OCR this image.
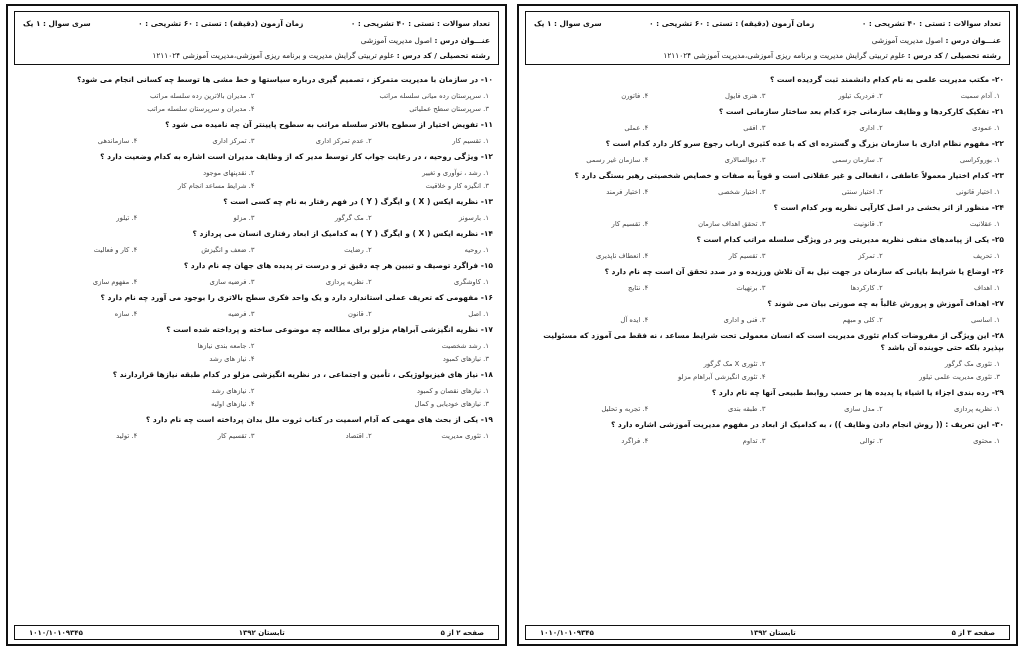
تعداد سوالات : تستی : ۴۰ تشریحی : ۰
زمان آزمون (دقیقه) : تستی : ۶۰ تشریحی : ۰
سری سوال : ۱ یک
عنـــوان درس : اصول مدیریت آموزشی
رشته تحصیلی / کد درس : علوم تربیتی گرایش مدیریت و برنامه ریزی آموزشی،مدیریت آموزشی ۱۲۱۱۰۲۴
۱۰- در سازمان با مدیریت متمرکز ، تصمیم گیری درباره سیاستها و خط مشی ها توسط چه کسانی انجام می شود؟
۱. سرپرستان رده میانی سلسله مراتب
۲. مدیران بالاترین رده سلسله مراتب
۳. سرپرستان سطح عملیاتی
۴. مدیران و سرپرستان سلسله مراتب
۱۱- تفویض اختیار از سطوح بالاتر سلسله مراتب به سطوح پایینتر آن چه نامیده می شود ؟
۱. تقسیم کار
۲. عدم تمرکز اداری
۳. تمرکز اداری
۴. سازماندهی
۱۲- ویژگی روحیه ، در رعایت جواب کار توسط مدیر که از وظایف مدیران است اشاره به کدام وضعیت دارد ؟
۱. رشد ، نوآوری و تغییر
۲. نقدپنهای موجود
۳. انگیزه کار و خلاقیت
۴. شرایط مساعد انجام کار
۱۳- نظریه ایکس ( X ) و ایگرگ ( Y ) در فهم رفتار به نام چه کسی است ؟
۱. بارسونز
۲. مک گرگور
۳. مزلو
۴. تیلور
۱۴- نظریه ایکس ( X ) و ایگرگ ( Y ) به کدامیک از ابعاد رفتاری انسان می پردازد ؟
۱. روحیه
۲. رضایت
۳. ضعف و انگیزش
۴. کار و فعالیت
۱۵- فراگرد توصیف و تبیین هر چه دقیق تر و درست تر پدیده های جهان چه نام دارد ؟
۱. کاوشگری
۲. نظریه پردازی
۳. فرضیه سازی
۴. مفهوم سازی
۱۶- مفهومی که تعریف عملی استاندارد دارد و یک واحد فکری سطح بالاتری را بوجود می آورد چه نام دارد ؟
۱. اصل
۲. قانون
۳. فرضیه
۴. سازه
۱۷- نظریه انگیزشی آبراهام مزلو برای مطالعه چه موضوعی ساخته و پرداخته شده است ؟
۱. رشد شخصیت
۲. جامعه بندی نیازها
۳. نیازهای کمبود
۴. نیاز های رشد
۱۸- نیاز های فیزیولوژیکی ، تأمین و اجتماعی ، در نظریه انگیزشی مزلو در کدام طبقه نیازها قراردارند ؟
۱. نیازهای نقصان و کمبود
۲. نیازهای رشد
۳. نیازهای خودیابی و کمال
۴. نیازهای اولیه
۱۹- یکی از بحث های مهمی که آدام اسمیت در کتاب ثروت ملل بدان پرداخته است چه نام دارد ؟
۱. تئوری مدیریت
۲. اقتصاد
۳. تقسیم کار
۴. تولید
صفحه ۲ از ۵
تابستان ۱۳۹۲
۱۰۱۰/۱۰۱۰۹۳۴۵
تعداد سوالات : تستی : ۴۰ تشریحی : ۰
زمان آزمون (دقیقه) : تستی : ۶۰ تشریحی : ۰
سری سوال : ۱ یک
عنـــوان درس : اصول مدیریت آموزشی
رشته تحصیلی / کد درس : علوم تربیتی گرایش مدیریت و برنامه ریزی آموزشی،مدیریت آموزشی ۱۲۱۱۰۲۴
۲۰- مکتب مدیریت علمی به نام کدام دانشمند ثبت گردیده است ؟
۱. آدام سمیت
۲. فردریک تیلور
۳. هنری فایول
۴. فاتورن
۲۱- تفکیک کارکردها و وظایف سازمانی جزء کدام بعد ساختار سازمانی است ؟
۱. عمودی
۲. اداری
۳. افقی
۴. عملی
۲۲- مفهوم نظام اداری با سازمان بزرگ و گسترده ای که با عده کثیری ارباب رجوع سرو کار دارد کدام است ؟
۱. بوروکراسی
۲. سازمان رسمی
۳. دیوالسالاری
۴. سازمان غیر رسمی
۲۳- کدام اختیار معمولاً عاطفی ، انفعالی و غیر عقلانی است و قویاً به صفات و خصایص شخصیتی رهبر بستگی دارد ؟
۱. اختیار قانونی
۲. اختیار سنتی
۳. اختیار شخصی
۴. اختیار فرمند
۲۴- منظور از اثر بخشی در اصل کارآیی نظریه وبر کدام است ؟
۱. عقلانیت
۲. قانونیت
۳. تحقق اهداف سازمان
۴. تقسیم کار
۲۵- یکی از پیامدهای منفی نظریه مدیریتی وبر در ویژگی سلسله مراتب کدام است ؟
۱. تحریف
۲. تمرکز
۳. تقسیم کار
۴. انعطاف ناپذیری
۲۶- اوضاع یا شرایط بایانی که سازمان در جهت نیل به آن تلاش ورزیده و در صدد تحقق آن است چه نام دارد ؟
۱. اهداف
۲. کارکردها
۳. برنهیات
۴. نتایج
۲۷- اهداف آموزش و پرورش غالباً به چه صورتی بیان می شوند ؟
۱. اساسی
۲. کلی و مبهم
۳. فنی و اداری
۴. ایده آل
۲۸- این ویژگی از مفروضات کدام تئوری مدیریت است که انسان معمولی تحت شرایط مساعد ، نه فقط می آموزد که مسئولیت بپذیرد بلکه حتی جوینده آن باشد ؟
۱. تئوری مک گرگور
۲. تئوری X مک گرگور
۳. تئوری مدیریت علمی تیلور
۴. تئوری انگیزشی آبراهام مزلو
۲۹- رده بندی اجزاء یا اشیاء یا پدیده ها بر حسب روابط طبیعی آنها چه نام دارد ؟
۱. نظریه پردازی
۲. مدل سازی
۳. طبقه بندی
۴. تجربه و تحلیل
۳۰- این تعریف : (( روش انجام دادن وظایف )) ، به کدامیک از ابعاد در مفهوم مدیریت آموزشی اشاره دارد ؟
۱. محتوی
۲. توالی
۳. تداوم
۴. فراگرد
صفحه ۳ از ۵
تابستان ۱۳۹۲
۱۰۱۰/۱۰۱۰۹۳۴۵
